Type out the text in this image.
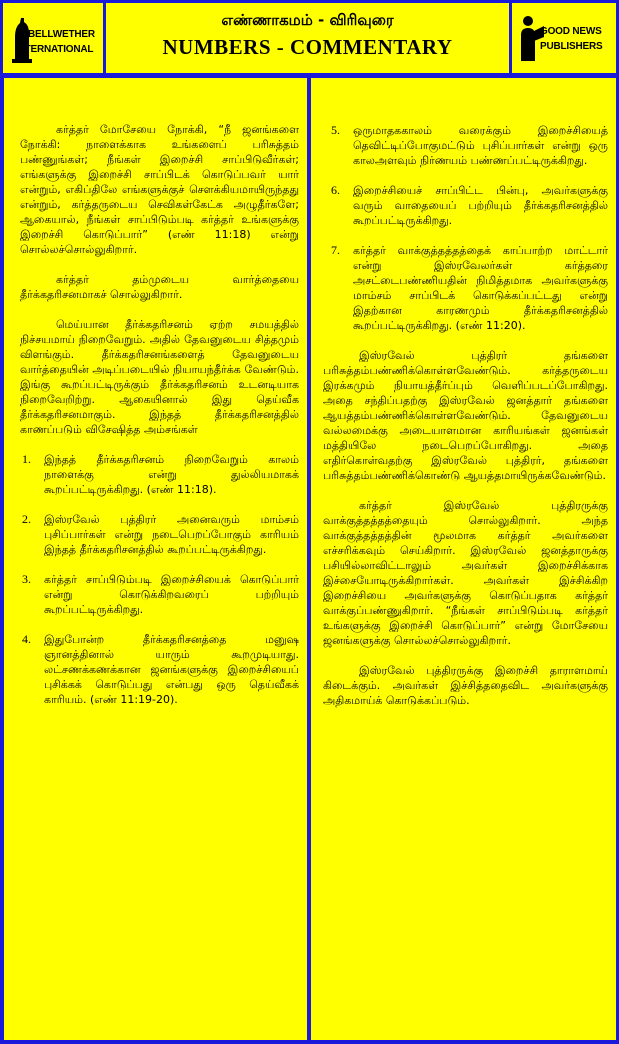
BELLWETHER
INTERNATIONAL
எண்ணாகமம் - விரிவுரை
NUMBERS - COMMENTARY
GOOD NEWS
PUBLISHERS

கர்த்தர் மோசேயை நோக்கி, “நீ ஜனங்களை நோக்கி: நாளைக்காக உங்களைப் பரிசுத்தம் பண்ணுங்கள்; நீங்கள் இறைச்சி சாப்பிடுவீர்கள்; எங்களுக்கு இறைச்சி சாப்பிடக் கொடுப்பவர் யார் என்றும், எகிப்திலே எங்களுக்குச் சௌக்கியமாயிருந்தது என்றும், கர்த்தருடைய செவிகள்கேட்க அழுதீர்களே; ஆகையால், நீங்கள் சாப்பிடும்படி கர்த்தர் உங்களுக்கு இறைச்சி கொடுப்பார்” (எண் 11:18) என்று சொல்லச்சொல்லுகிறார்.

கர்த்தர் தம்முடைய வார்த்தையை தீர்க்கதரிசனமாகச் சொல்லுகிறார்.

மெய்யான தீர்க்கதரிசனம் ஏற்ற சமயத்தில் நிச்சயமாய் நிறைவேறும். அதில் தேவனுடைய சித்தமும் விளங்கும். தீர்க்கதரிசனங்களைத் தேவனுடைய வார்த்தையின் அடிப்படையில் நியாயந்தீர்க்க வேண்டும். இங்கு கூறப்பட்டிருக்கும் தீர்க்கதரிசனம் உடனடியாக நிறைவேறிற்று. ஆகையினால் இது தெய்வீக தீர்க்கதரிசனமாகும். இந்தத் தீர்க்கதரிசனத்தில் காணப்படும் விசேஷித்த அம்சங்கள்

1. இந்தத் தீர்க்கதரிசனம் நிறைவேறும் காலம் நாளைக்கு என்று துல்லியமாகக் கூறப்பட்டிருக்கிறது. (எண் 11:18).
2. இஸ்ரவேல் புத்திரர் அனைவரும் மாம்சம் புசிப்பார்கள் என்று நடைபெறப்போகும் காரியம் இந்தத் தீர்க்கதரிசனத்தில் கூறப்பட்டிருக்கிறது.
3. கர்த்தர் சாப்பிடும்படி இறைச்சியைக் கொடுப்பார் என்று கொடுக்கிறவரைப் பற்றியும் கூறப்பட்டிருக்கிறது.
4. இதுபோன்ற தீர்க்கதரிசனத்தை மனுஷ ஞானத்தினால் யாரும் கூறமுடியாது. லட்சணக்கணக்கான ஜனங்களுக்கு இறைச்சியைப் புசிக்கக் கொடுப்பது என்பது ஒரு தெய்வீகக் காரியம். (எண் 11:19-20).
5. ஒருமாதககாலம் வரைக்கும் இறைச்சியைத் தெவிட்டிப்போகுமட்டும் புசிப்பார்கள் என்று ஒரு காலஅளவும் நிர்ணயம் பண்ணப்பட்டிருக்கிறது.
6. இறைச்சியைச் சாப்பிட்ட பின்பு, அவர்களுக்கு வரும் வாதையைப் பற்றியும் தீர்க்கதரிசனத்தில் கூறப்பட்டிருக்கிறது.
7. கர்த்தர் வாக்குத்தத்தத்தைக் காப்பாற்ற மாட்டார் என்று இஸ்ரவேலர்கள் கர்த்தரை அசட்டைபண்ணியதின் நிமித்தமாக அவர்களுக்கு மாம்சம் சாப்பிடக் கொடுக்கப்பட்டது என்று இதற்கான காரணமும் தீர்க்கதரிசனத்தில் கூறப்பட்டிருக்கிறது. (எண் 11:20).

இஸ்ரவேல் புத்திரர் தங்களை பரிசுத்தம்பண்ணிக்கொள்ளவேண்டும். கர்த்தருடைய இரக்கமும் நியாயத்தீர்ப்பும் வெளிப்படப்போகிறது. அதை சந்திப்பதற்கு இஸ்ரவேல் ஜனத்தார் தங்களை ஆயத்தம்பண்ணிக்கொள்ளவேண்டும். தேவனுடைய வல்லமைக்கு அடையாளமான காரியங்கள் ஜனங்கள் மத்தியிலே நடைபெறப்போகிறது. அதை எதிர்கொள்வதற்கு இஸ்ரவேல் புத்திரர், தங்களை பரிசுத்தம்பண்ணிக்கொண்டு ஆயத்தமாயிருக்கவேண்டும்.

கர்த்தர் இஸ்ரவேல் புத்திரருக்கு வாக்குத்தத்தத்தையும் சொல்லுகிறார். அந்த வாக்குத்தத்தத்தின் மூலமாக கர்த்தர் அவர்களை எச்சரிக்கவும் செய்கிறார். இஸ்ரவேல் ஜனத்தாருக்கு பசியில்லாவிட்டாலும் அவர்கள் இறைச்சிக்காக இச்சையோடிருக்கிறார்கள். அவர்கள் இச்சிக்கிற இறைச்சியை அவர்களுக்கு கொடுப்பதாக கர்த்தர் வாக்குப்பண்ணுகிறார். “நீங்கள் சாப்பிடும்படி கர்த்தர் உங்களுக்கு இறைச்சி கொடுப்பார்” என்று மோசேயை ஜனங்களுக்கு சொல்லச்சொல்லுகிறார்.

இஸ்ரவேல் புத்திரருக்கு இறைச்சி தாராளமாய் கிடைக்கும். அவர்கள் இச்சித்ததைவிட அவர்களுக்கு அதிகமாய்க் கொடுக்கப்படும்.
